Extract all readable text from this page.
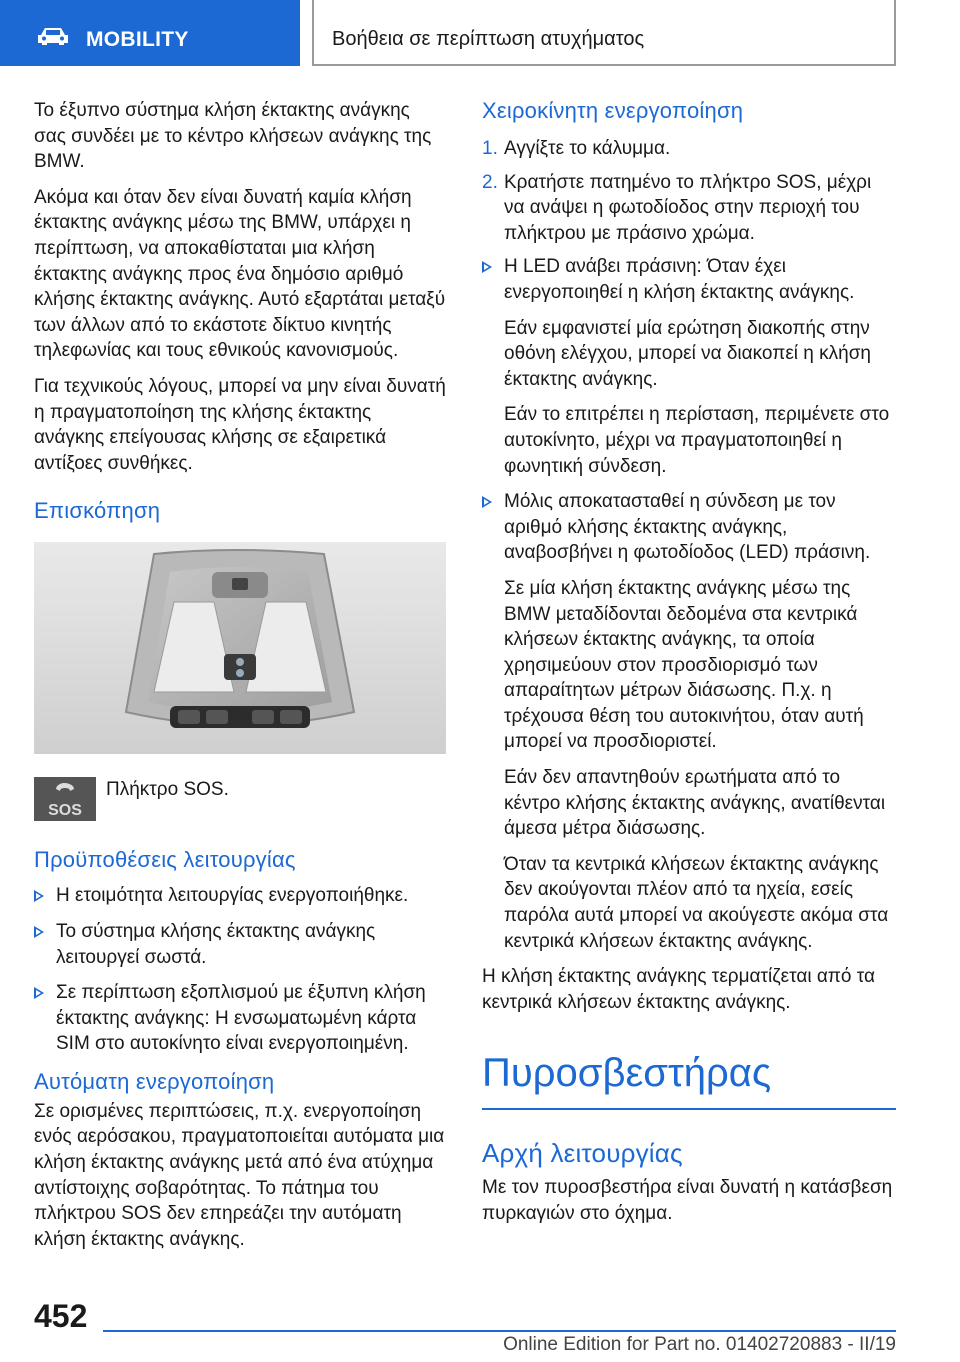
MOBILITY	Βοήθεια σε περίπτωση ατυχήματος

Το έξυπνο σύστημα κλήση έκτακτης ανάγκης σας συνδέει με το κέντρο κλήσεων ανάγκης της BMW.

Ακόμα και όταν δεν είναι δυνατή καμία κλήση έκτακτης ανάγκης μέσω της BMW, υπάρχει η περίπτωση, να αποκαθίσταται μια κλήση έκτακτης ανάγκης προς ένα δημόσιο αριθμό κλήσης έκτακτης ανάγκης. Αυτό εξαρτάται μεταξύ των άλλων από το εκάστοτε δίκτυο κινητής τηλεφωνίας και τους εθνικούς κανονισμούς.

Για τεχνικούς λόγους, μπορεί να μην είναι δυνατή η πραγματοποίηση της κλήσης έκτακτης ανάγκης επείγουσας κλήσης σε εξαιρετικά αντίξοες συνθήκες.

Επισκόπηση
SOS
Πλήκτρο SOS.
Προϋποθέσεις λειτουργίας

Η ετοιμότητα λειτουργίας ενεργοποιήθηκε.

Το σύστημα κλήσης έκτακτης ανάγκης λειτουργεί σωστά.

Σε περίπτωση εξοπλισμού με έξυπνη κλήση έκτακτης ανάγκης: Η ενσωματωμένη κάρτα SIM στο αυτοκίνητο είναι ενεργοποιημένη.

Αυτόματη ενεργοποίηση

Σε ορισμένες περιπτώσεις, π.χ. ενεργοποίηση ενός αερόσακου, πραγματοποιείται αυτόματα μια κλήση έκτακτης ανάγκης μετά από ένα ατύχημα αντίστοιχης σοβαρότητας. Το πάτημα του πλήκτρου SOS δεν επηρεάζει την αυτόματη κλήση έκτακτης ανάγκης.

Χειροκίνητη ενεργοποίηση
1. Αγγίξτε το κάλυμμα.
2. Κρατήστε πατημένο το πλήκτρο SOS, μέχρι να ανάψει η φωτοδίοδος στην περιοχή του πλήκτρου με πράσινο χρώμα.

Η LED ανάβει πράσινη: Όταν έχει ενεργοποιηθεί η κλήση έκτακτης ανάγκης.

Εάν εμφανιστεί μία ερώτηση διακοπής στην οθόνη ελέγχου, μπορεί να διακοπεί η κλήση έκτακτης ανάγκης.

Εάν το επιτρέπει η περίσταση, περιμένετε στο αυτοκίνητο, μέχρι να πραγματοποιηθεί η φωνητική σύνδεση.

Μόλις αποκατασταθεί η σύνδεση με τον αριθμό κλήσης έκτακτης ανάγκης, αναβοσβήνει η φωτοδίοδος (LED) πράσινη.

Σε μία κλήση έκτακτης ανάγκης μέσω της BMW μεταδίδονται δεδομένα στα κεντρικά κλήσεων έκτακτης ανάγκης, τα οποία χρησιμεύουν στον προσδιορισμό των απαραίτητων μέτρων διάσωσης. Π.χ. η τρέχουσα θέση του αυτοκινήτου, όταν αυτή μπορεί να προσδιοριστεί.

Εάν δεν απαντηθούν ερωτήματα από το κέντρο κλήσης έκτακτης ανάγκης, ανατίθενται άμεσα μέτρα διάσωσης.

Όταν τα κεντρικά κλήσεων έκτακτης ανάγκης δεν ακούγονται πλέον από τα ηχεία, εσείς παρόλα αυτά μπορεί να ακούγεστε ακόμα στα κεντρικά κλήσεων έκτακτης ανάγκης.

Η κλήση έκτακτης ανάγκης τερματίζεται από τα κεντρικά κλήσεων έκτακτης ανάγκης.

Πυροσβεστήρας
Αρχή λειτουργίας

Με τον πυροσβεστήρα είναι δυνατή η κατάσβεση πυρκαγιών στο όχημα.

452
Online Edition for Part no. 01402720883 - II/19
